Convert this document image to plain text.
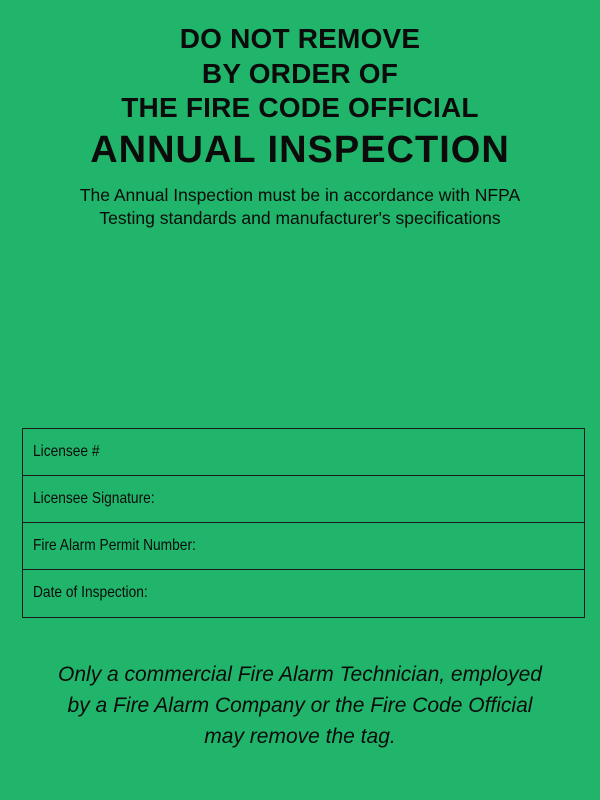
DO NOT REMOVE
BY ORDER OF
THE FIRE CODE OFFICIAL
ANNUAL INSPECTION
The Annual Inspection must be in accordance with NFPA
Testing standards and manufacturer's specifications
Licensee #
Licensee Signature:
Fire Alarm Permit Number:
Date of Inspection:
Only a commercial Fire Alarm Technician, employed
by a Fire Alarm Company or the Fire Code Official
may remove the tag.
